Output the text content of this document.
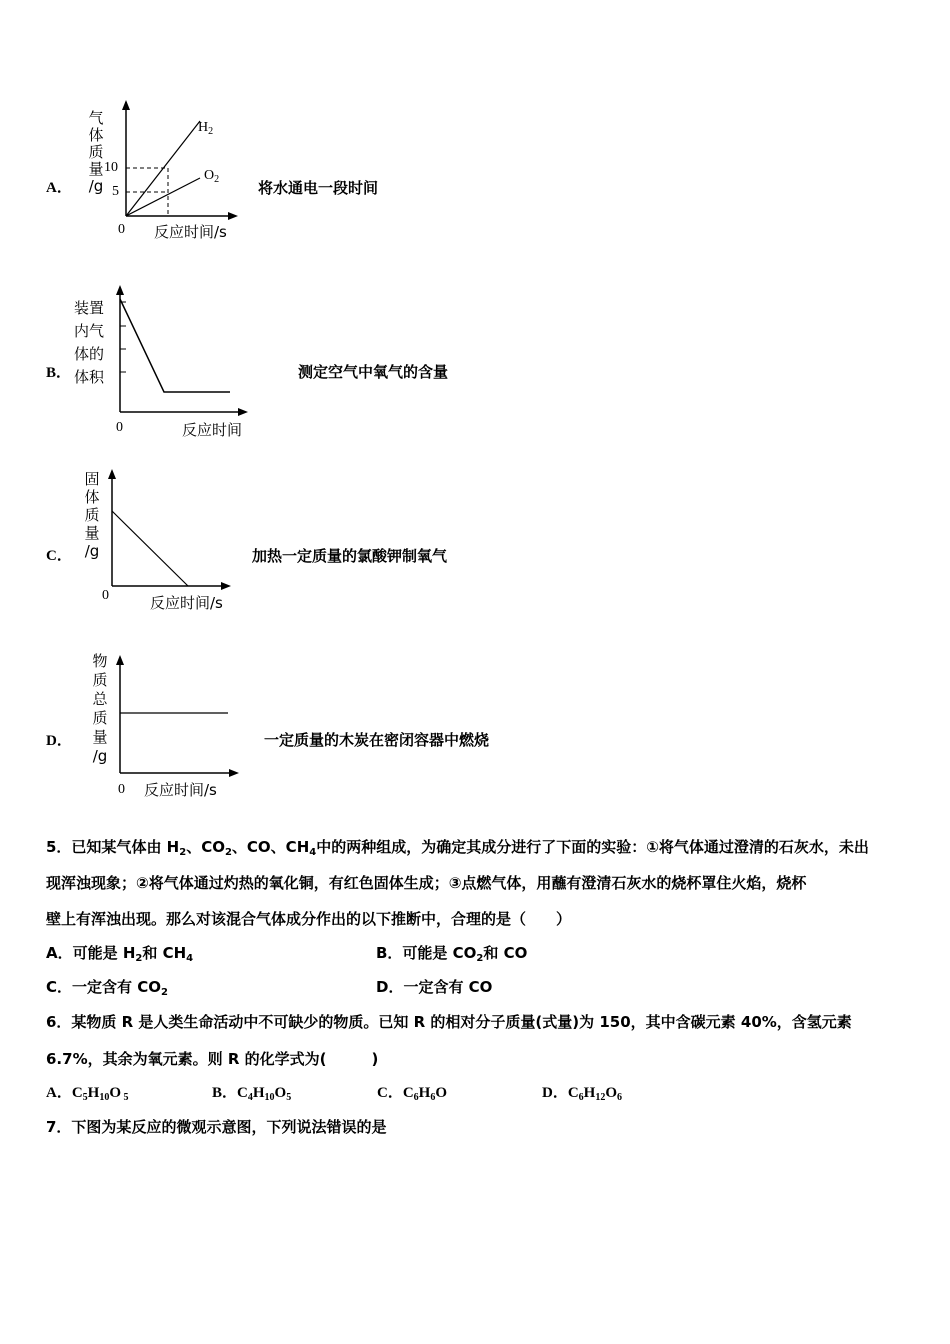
A．
气
体
质
量
/g
10
5
$H_2$
$O_2$
0 反应时间/s
将水通电一段时间
B．
装置
内气
体的
体积
0	反应时间
测定空气中氧气的含量
C．
固
体
质
量
/g
0	反应时间/s
加热一定质量的氯酸钾制氧气
D．
物
质
总
质
量
/g
0 反应时间/s
一定质量的木炭在密闭容器中燃烧
5．已知某气体由 $H_2$、$CO_2$、CO、$CH_4$中的两种组成，为确定其成分进行了下面的实验：①将气体通过澄清的石灰水，未出
现浑浊现象；②将气体通过灼热的氧化铜，有红色固体生成；③点燃气体，用蘸有澄清石灰水的烧杯罩住火焰，烧杯
壁上有浑浊出现。那么对该混合气体成分作出的以下推断中，合理的是（　　）
A．可能是 $H_2$和 $CH_4$	B．可能是 $CO_2$和 CO
C．一定含有 $CO_2$	D．一定含有 CO
6．某物质 R 是人类生命活动中不可缺少的物质。已知 R 的相对分子质量(式量)为 150，其中含碳元素 40%，含氢元素
6.7%，其余为氧元素。则 R 的化学式为(　　　)
A．$C_5H_{10}O$ $_5$	B．$C_4H_{10}O_5$	C．$C_6H_6O$	D．$C_6H_{12}O_6$
7．下图为某反应的微观示意图，下列说法错误的是
